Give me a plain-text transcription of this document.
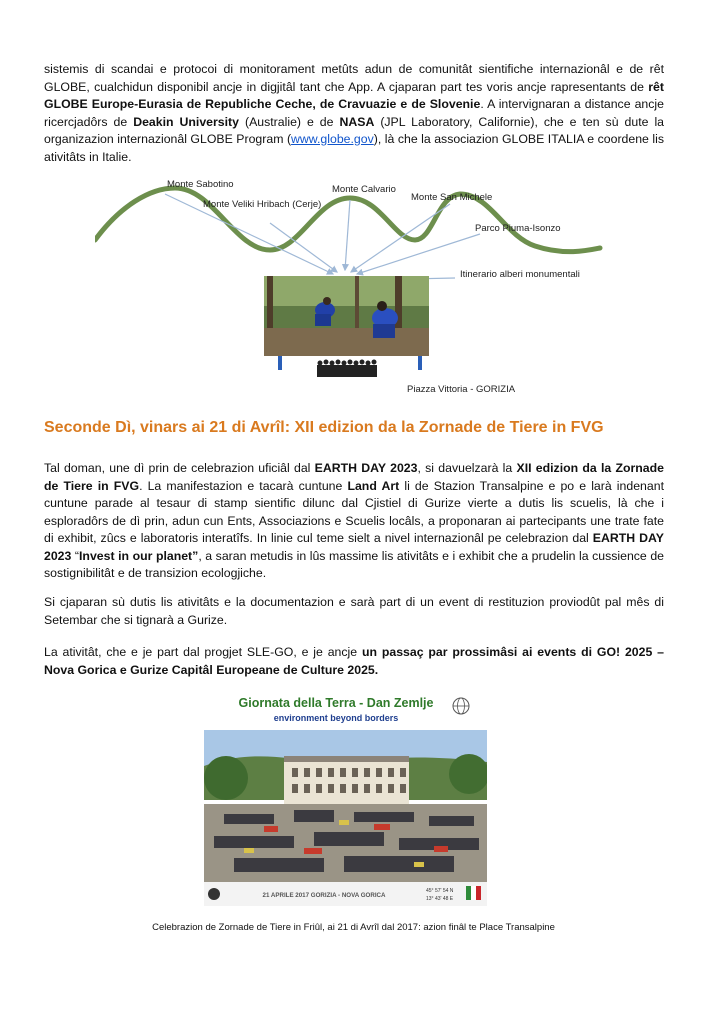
sistemis di scandai e protocoi di monitorament metûts adun de comunitât sientifiche internazionâl e de rêt GLOBE, cualchidun disponibil ancje in digjitâl tant che App. A cjaparan part tes voris ancje rapresentants de rêt GLOBE Europe-Eurasia de Republiche Ceche, de Cravuazie e de Slovenie. A intervignaran a distance ancje ricercjadôrs de Deakin University (Australie) e de NASA (JPL Laboratory, Californie), che e ten sù dute la organizazion internazionâl GLOBE Program (www.globe.gov), là che la associazion GLOBE ITALIA e coordene lis ativitâts in Italie.

Monte Sabotino
Monte Veliki Hribach (Cerje)
Monte Calvario
Monte San Michele
Parco Piuma-Isonzo
Itinerario alberi monumentali
Piazza Vittoria - GORIZIA
Seconde Dì, vinars ai 21 di Avrîl: XII edizion da la Zornade de Tiere in FVG

Tal doman, une dì prin de celebrazion uficiâl dal EARTH DAY 2023, si davuelzarà la XII edizion da la Zornade de Tiere in FVG. La manifestazion e tacarà cuntune Land Art li de Stazion Transalpine e po e larà indenant cuntune parade al tesaur di stamp sientific dilunc dal Cjistiel di Gurize vierte a dutis lis scuelis, là che i esploradôrs de dì prin, adun cun Ents, Associazions e Scuelis locâls, a proponaran ai partecipants une trate fate di exhibit, zûcs e laboratoris interatîfs. In linie cul teme sielt a nivel internazionâl pe celebrazion dal EARTH DAY 2023 “Invest in our planet”, a saran metudis in lûs massime lis ativitâts e i exhibit che a prudelin la cussience de sostignibilitât e de transizion ecologjiche.

Si cjaparan sù dutis lis ativitâts e la documentazion e sarà part di un event di restituzion proviodût pal mês di Setembar che si tignarà a Gurize.

La ativitât, che e je part dal progjet SLE-GO, e je ancje un passaç par prossimâsi ai events di GO! 2025 – Nova Gorica e Gurize Capitâl Europeane de Culture 2025.

Giornata della Terra - Dan Zemlje
environment beyond borders
21 APRILE 2017 GORIZIA - NOVA GORICA
45° 57' 54 N
13° 43' 48 E
Celebrazion de Zornade de Tiere in Friûl, ai 21 di Avrîl dal 2017: azion finâl te Place Transalpine
